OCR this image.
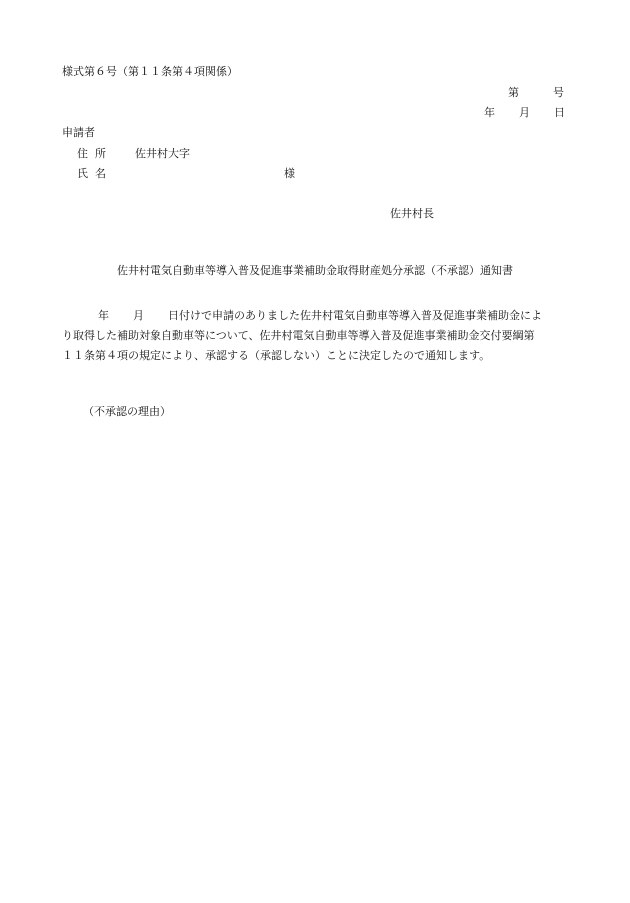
様式第６号（第１１条第４項関係）
第	号
年 月 日
申請者
住 所	佐井村大字
氏 名	様
佐井村長
佐井村電気自動車等導入普及促進事業補助金取得財産処分承認（不承認）通知書
年 月 日付けで申請のありました佐井村電気自動車等導入普及促進事業補助金によ
り取得した補助対象自動車等について、佐井村電気自動車等導入普及促進事業補助金交付要綱第
１１条第４項の規定により、承認する（承認しない）ことに決定したので通知します。
（不承認の理由）
